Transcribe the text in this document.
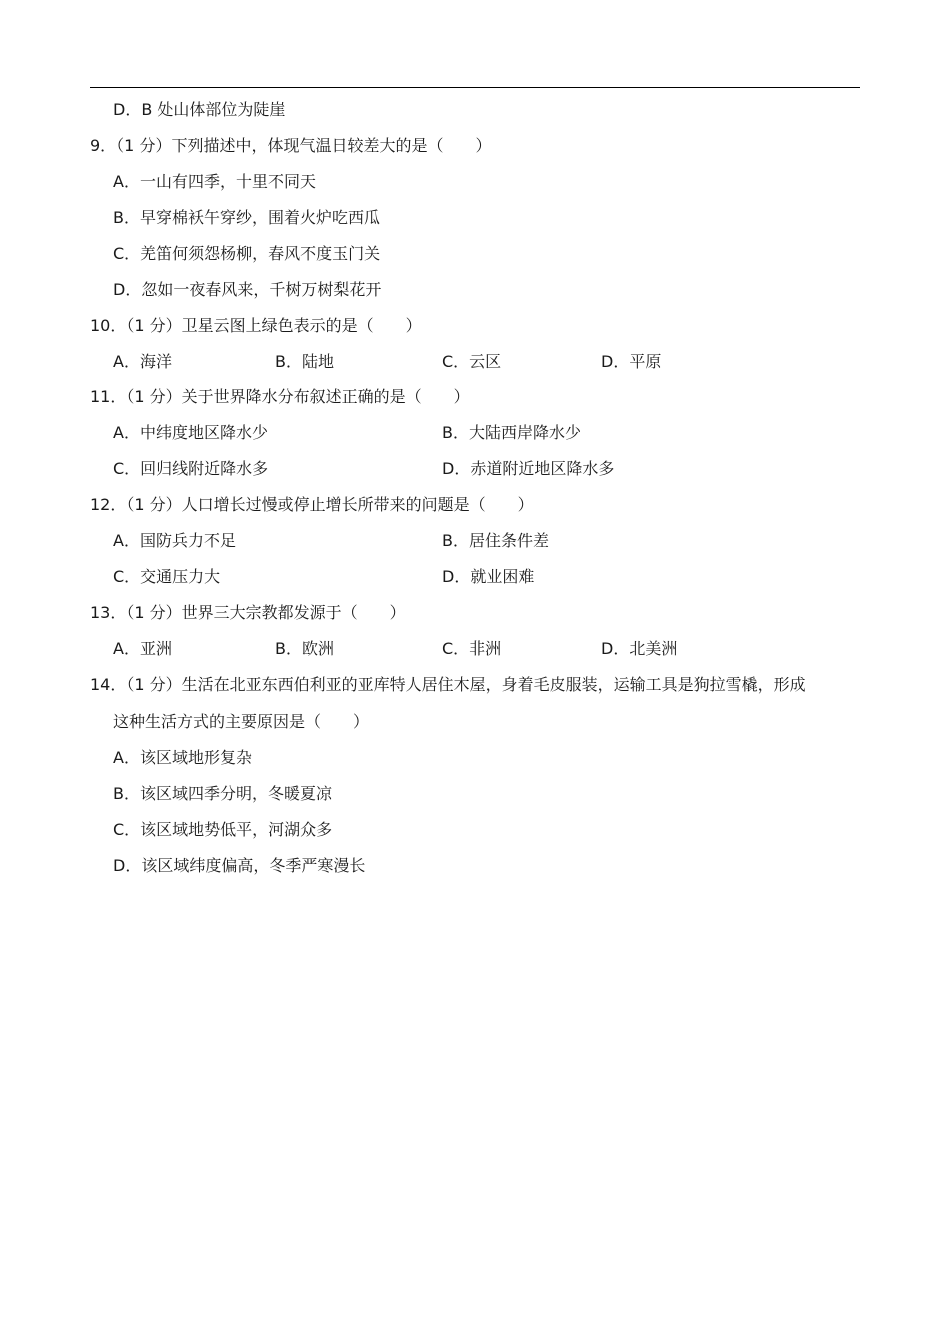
D．B 处山体部位为陡崖
9．（1 分）下列描述中，体现气温日较差大的是（　　）
A．一山有四季，十里不同天
B．早穿棉袄午穿纱，围着火炉吃西瓜
C．羌笛何须怨杨柳，春风不度玉门关
D．忽如一夜春风来，千树万树梨花开
10．（1 分）卫星云图上绿色表示的是（　　）
A．海洋	B．陆地	C．云区	D．平原
11．（1 分）关于世界降水分布叙述正确的是（　　）
A．中纬度地区降水少	B．大陆西岸降水少
C．回归线附近降水多	D．赤道附近地区降水多
12．（1 分）人口增长过慢或停止增长所带来的问题是（　　）
A．国防兵力不足	B．居住条件差
C．交通压力大	D．就业困难
13．（1 分）世界三大宗教都发源于（　　）
A．亚洲	B．欧洲	C．非洲	D．北美洲
14．（1 分）生活在北亚东西伯利亚的亚库特人居住木屋，身着毛皮服装，运输工具是狗拉雪橇，形成
这种生活方式的主要原因是（　　）
A．该区域地形复杂
B．该区域四季分明，冬暖夏凉
C．该区域地势低平，河湖众多
D．该区域纬度偏高，冬季严寒漫长
